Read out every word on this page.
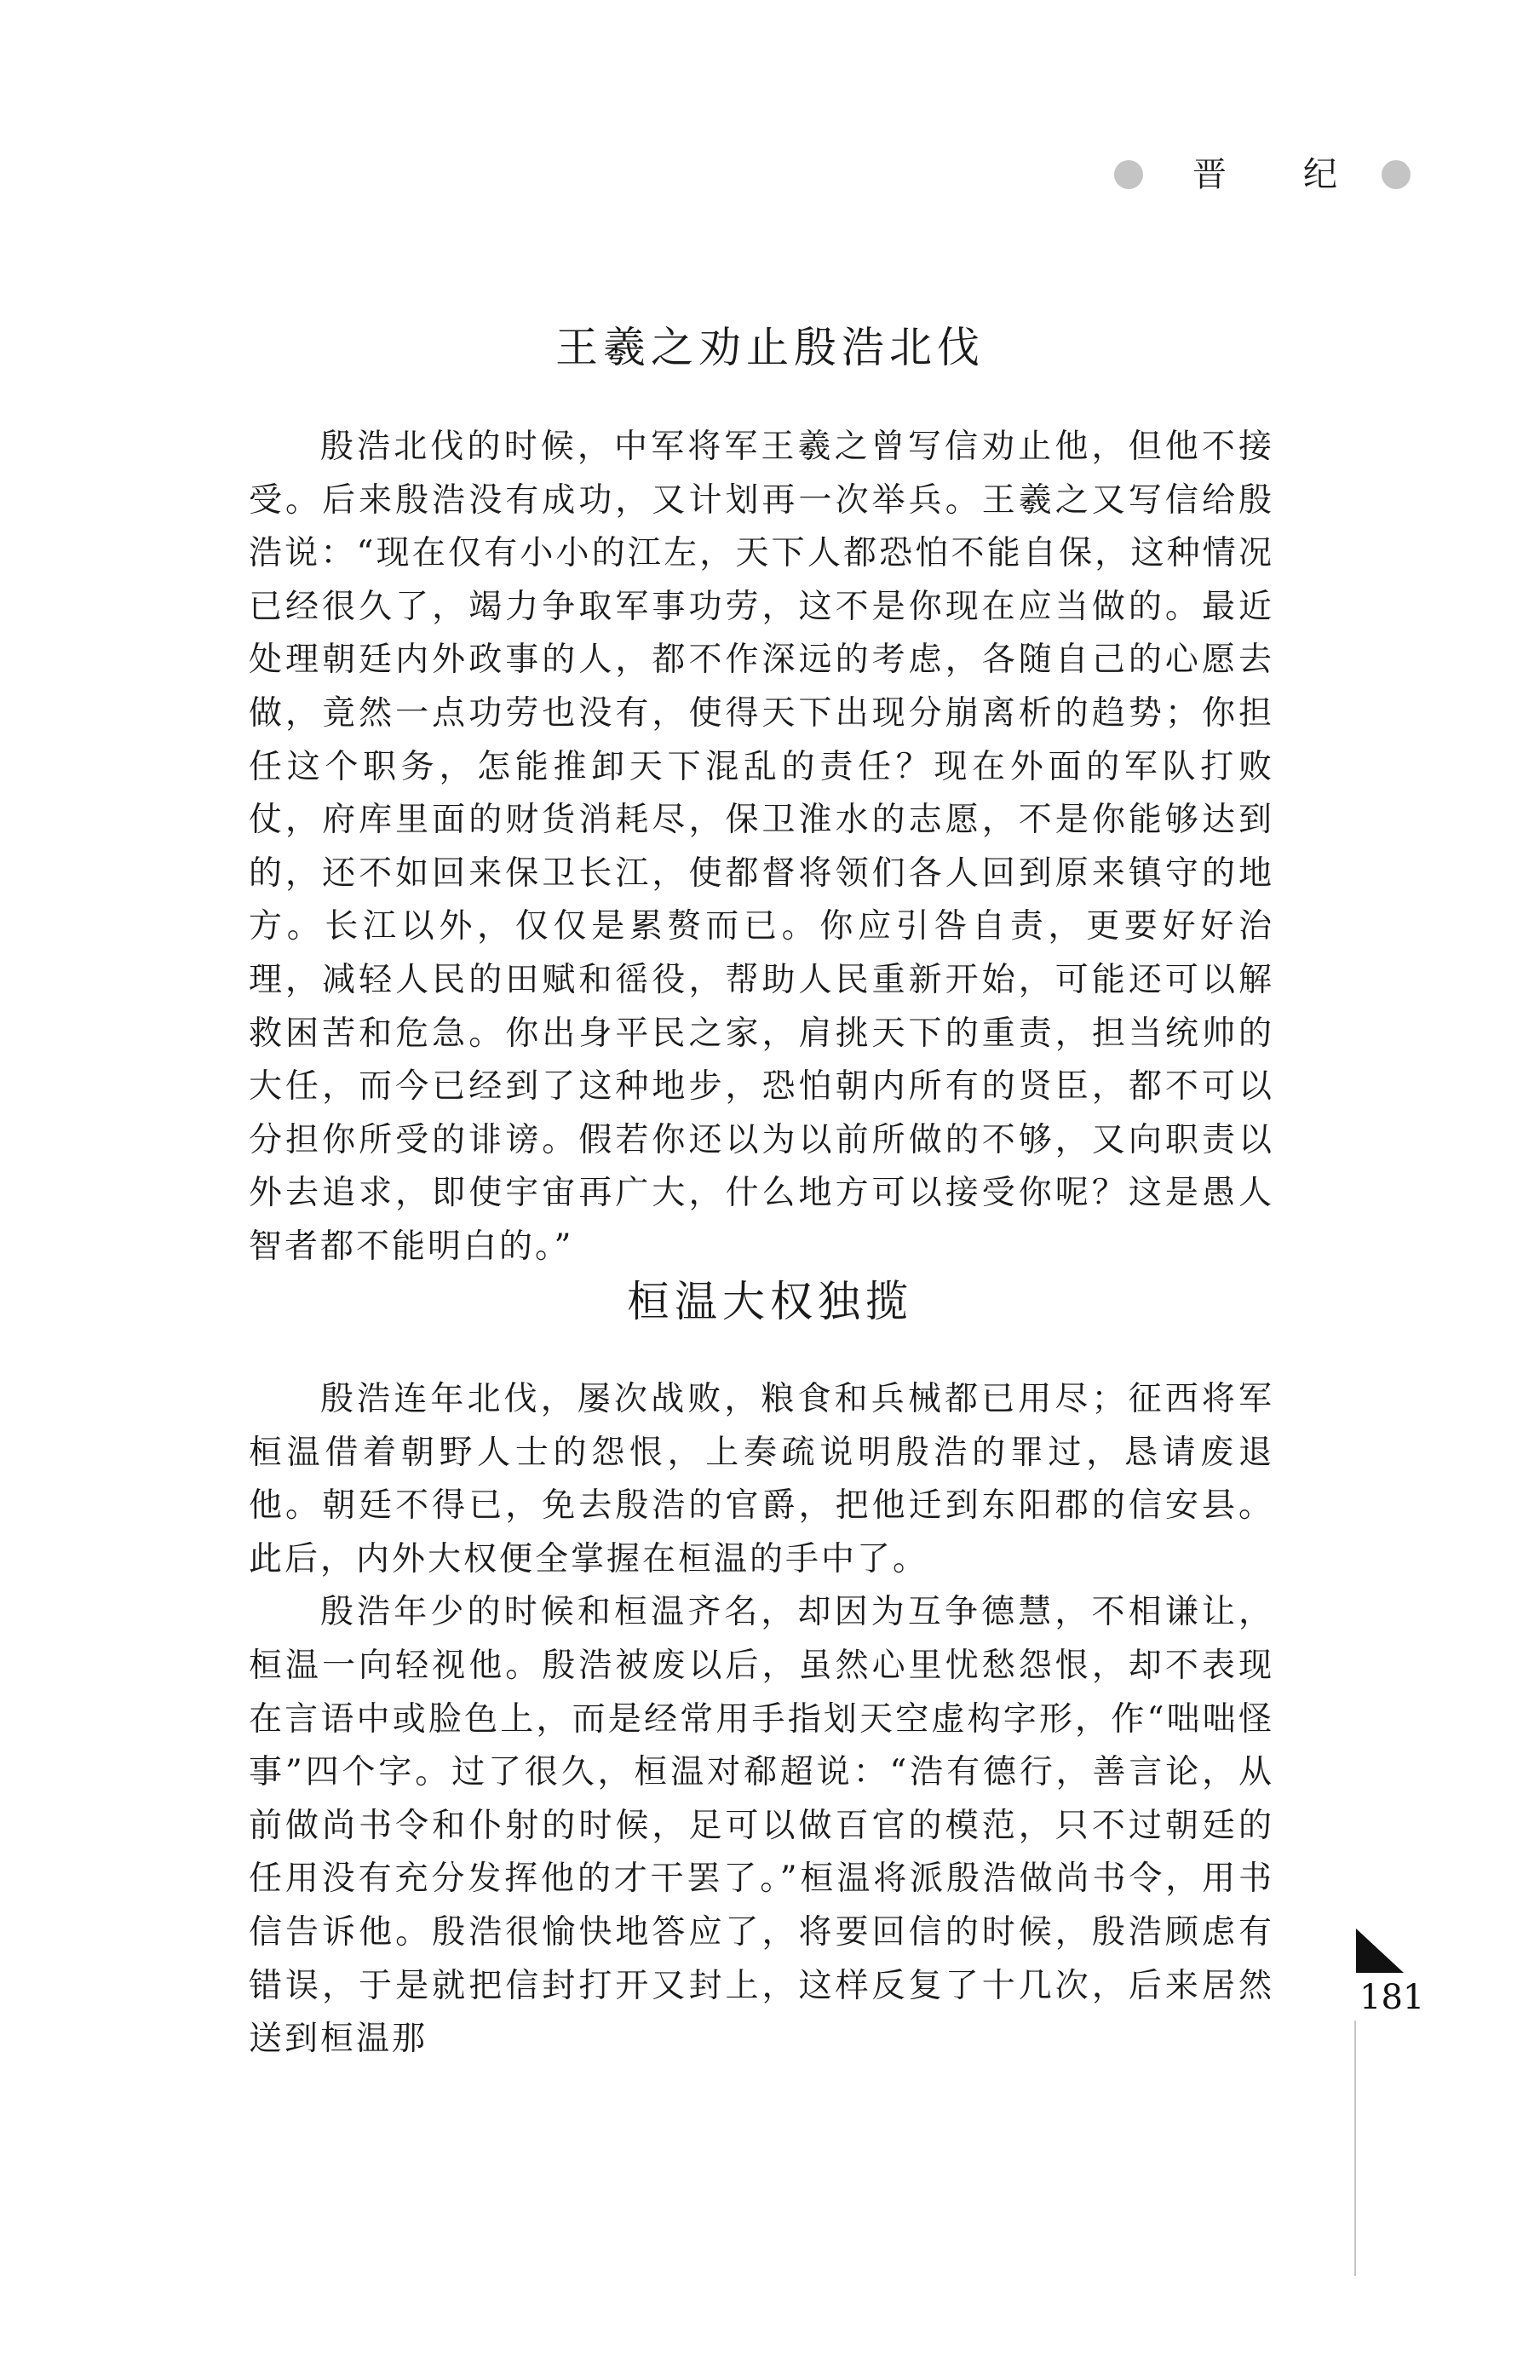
晋 纪
王羲之劝止殷浩北伐

殷浩北伐的时候，中军将军王羲之曾写信劝止他，但他不接受。后来殷浩没有成功，又计划再一次举兵。王羲之又写信给殷浩说：“现在仅有小小的江左，天下人都恐怕不能自保，这种情况已经很久了，竭力争取军事功劳，这不是你现在应当做的。最近处理朝廷内外政事的人，都不作深远的考虑，各随自己的心愿去做，竟然一点功劳也没有，使得天下出现分崩离析的趋势；你担任这个职务，怎能推卸天下混乱的责任？现在外面的军队打败仗，府库里面的财货消耗尽，保卫淮水的志愿，不是你能够达到的，还不如回来保卫长江，使都督将领们各人回到原来镇守的地方。长江以外，仅仅是累赘而已。你应引咎自责，更要好好治理，减轻人民的田赋和徭役，帮助人民重新开始，可能还可以解救困苦和危急。你出身平民之家，肩挑天下的重责，担当统帅的大任，而今已经到了这种地步，恐怕朝内所有的贤臣，都不可以分担你所受的诽谤。假若你还以为以前所做的不够，又向职责以外去追求，即使宇宙再广大，什么地方可以接受你呢？这是愚人智者都不能明白的。”

桓温大权独揽

殷浩连年北伐，屡次战败，粮食和兵械都已用尽；征西将军桓温借着朝野人士的怨恨，上奏疏说明殷浩的罪过，恳请废退他。朝廷不得已，免去殷浩的官爵，把他迁到东阳郡的信安县。此后，内外大权便全掌握在桓温的手中了。

殷浩年少的时候和桓温齐名，却因为互争德慧，不相谦让，桓温一向轻视他。殷浩被废以后，虽然心里忧愁怨恨，却不表现在言语中或脸色上，而是经常用手指划天空虚构字形，作“咄咄怪事”四个字。过了很久，桓温对郗超说：“浩有德行，善言论，从前做尚书令和仆射的时候，足可以做百官的模范，只不过朝廷的任用没有充分发挥他的才干罢了。”桓温将派殷浩做尚书令，用书信告诉他。殷浩很愉快地答应了，将要回信的时候，殷浩顾虑有错误，于是就把信封打开又封上，这样反复了十几次，后来居然送到桓温那

181
